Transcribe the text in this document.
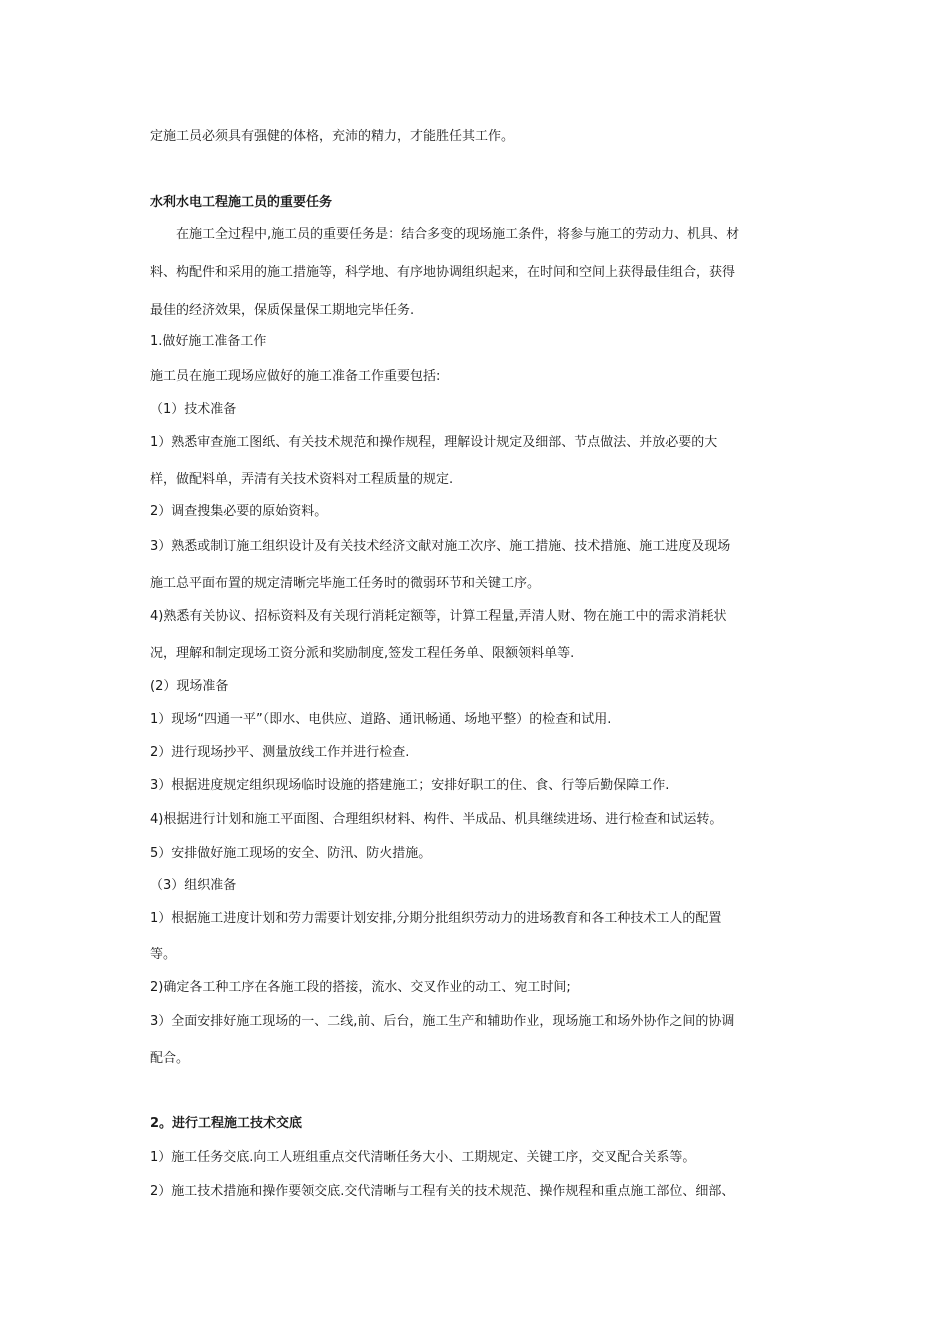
定施工员必须具有强健的体格，充沛的精力，才能胜任其工作。
水利水电工程施工员的重要任务
在施工全过程中,施工员的重要任务是：结合多变的现场施工条件，将参与施工的劳动力、机具、材
料、构配件和采用的施工措施等，科学地、有序地协调组织起来，在时间和空间上获得最佳组合，获得
最佳的经济效果，保质保量保工期地完毕任务.
1.做好施工准备工作
施工员在施工现场应做好的施工准备工作重要包括:
（1）技术准备
1）熟悉审查施工图纸、有关技术规范和操作规程，理解设计规定及细部、节点做法、并放必要的大
样，做配料单，弄清有关技术资料对工程质量的规定.
2）调查搜集必要的原始资料。
3）熟悉或制订施工组织设计及有关技术经济文献对施工次序、施工措施、技术措施、施工进度及现场
施工总平面布置的规定清晰完毕施工任务时的微弱环节和关键工序。
4)熟悉有关协议、招标资料及有关现行消耗定额等，计算工程量,弄清人财、物在施工中的需求消耗状
况，理解和制定现场工资分派和奖励制度,签发工程任务单、限额领料单等.
(2）现场准备
1）现场“四通一平”（即水、电供应、道路、通讯畅通、场地平整）的检查和试用.
2）进行现场抄平、测量放线工作并进行检查.
3）根据进度规定组织现场临时设施的搭建施工；安排好职工的住、食、行等后勤保障工作.
4)根据进行计划和施工平面图、合理组织材料、构件、半成品、机具继续进场、进行检查和试运转。
5）安排做好施工现场的安全、防汛、防火措施。
（3）组织准备
1）根据施工进度计划和劳力需要计划安排,分期分批组织劳动力的进场教育和各工种技术工人的配置
等。
2)确定各工种工序在各施工段的搭接，流水、交叉作业的动工、宛工时间;
3）全面安排好施工现场的一、二线,前、后台，施工生产和辅助作业，现场施工和场外协作之间的协调
配合。
2。进行工程施工技术交底
1）施工任务交底.向工人班组重点交代清晰任务大小、工期规定、关键工序，交叉配合关系等。
2）施工技术措施和操作要领交底.交代清晰与工程有关的技术规范、操作规程和重点施工部位、细部、
